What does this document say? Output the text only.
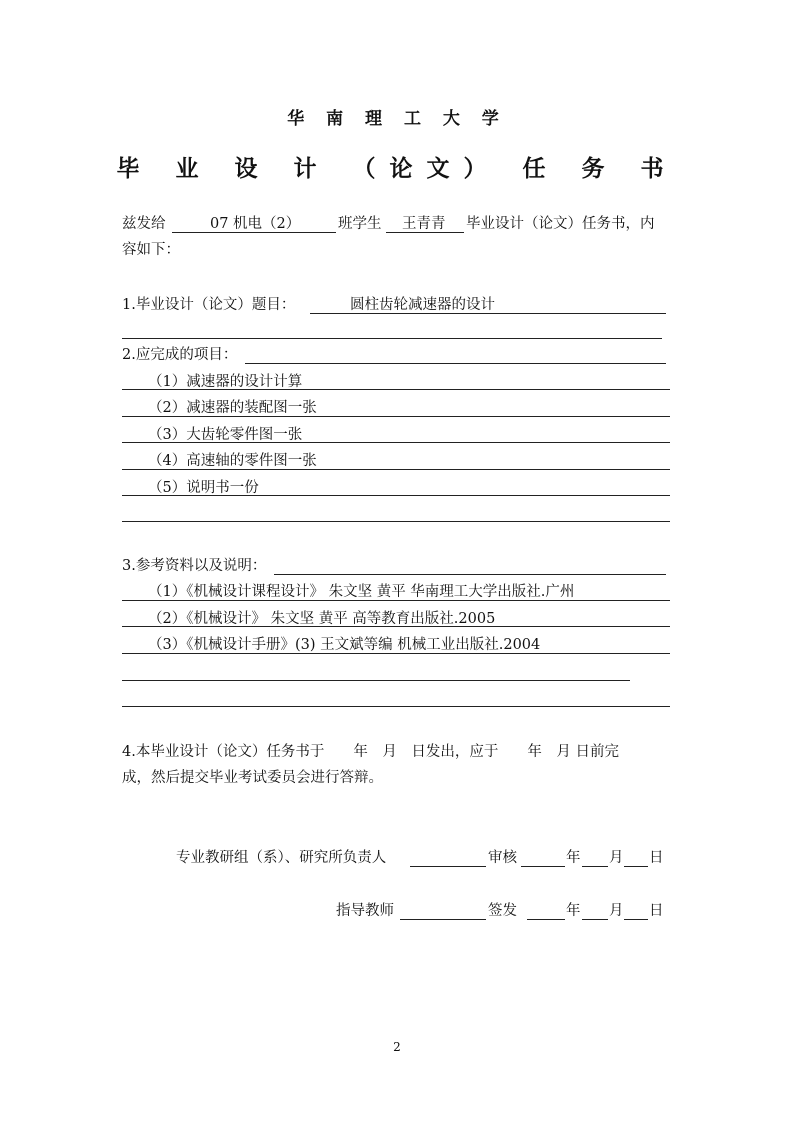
华 南 理 工 大 学
毕 业 设 计 （论文） 任 务 书
兹发给	07 机电（2）	班学生 王青青 毕业设计（论文）任务书，内
容如下：
1.毕业设计（论文）题目：	圆柱齿轮减速器的设计
2.应完成的项目：
（1）减速器的设计计算
（2）减速器的装配图一张
（3）大齿轮零件图一张
（4）高速轴的零件图一张
（5）说明书一份
3.参考资料以及说明：
（1）《机械设计课程设计》 朱文坚 黄平 华南理工大学出版社.广州
（2）《机械设计》 朱文坚 黄平 高等教育出版社.2005
（3）《机械设计手册》(3) 王文斌等编 机械工业出版社.2004
4.本毕业设计（论文）任务书于　　年　月　日发出，应于　　年　月 日前完
成，然后提交毕业考试委员会进行答辩。
专业教研组（系）、研究所负责人	审核	年 月 日
指导教师	签发	年 月 日
2
